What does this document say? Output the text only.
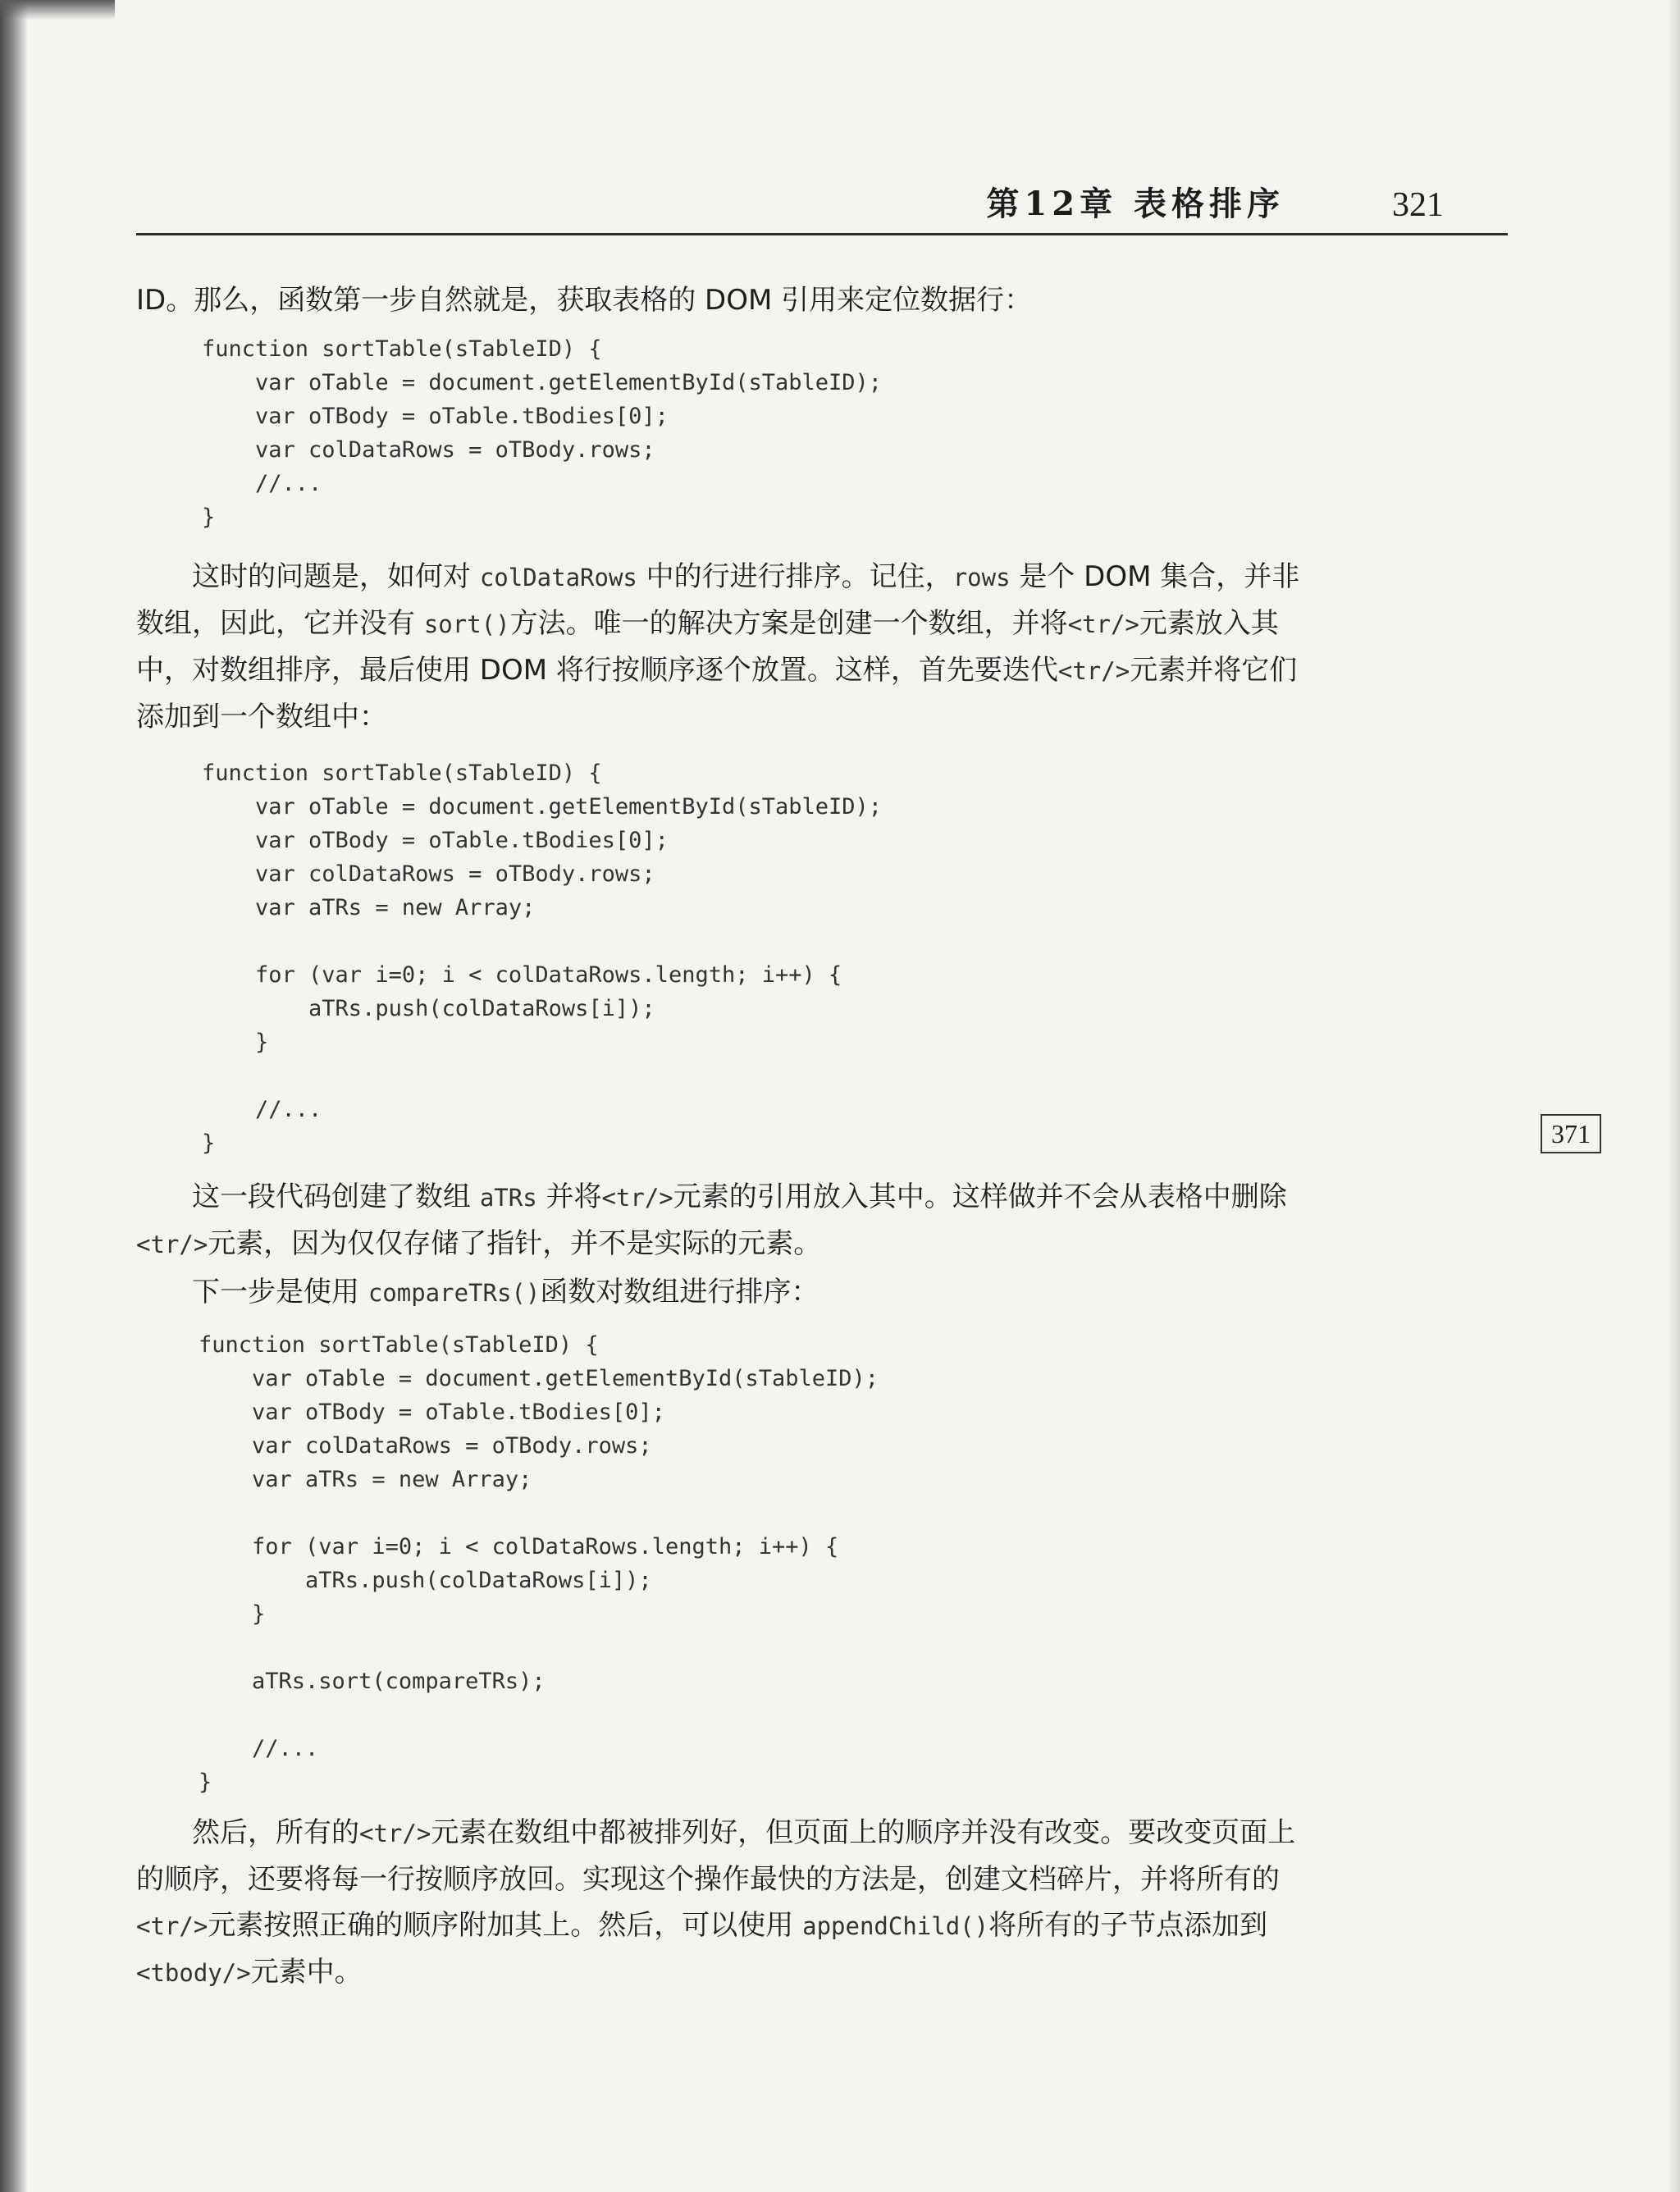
第12章 表格排序	321
ID。那么，函数第一步自然就是，获取表格的 DOM 引用来定位数据行：
function sortTable(sTableID) {
var oTable = document.getElementById(sTableID);
var oTBody = oTable.tBodies[0];
var colDataRows = oTBody.rows;
//...
}
这时的问题是，如何对 colDataRows 中的行进行排序。记住，rows 是个 DOM 集合，并非
数组，因此，它并没有 sort()方法。唯一的解决方案是创建一个数组，并将<tr/>元素放入其
中，对数组排序，最后使用 DOM 将行按顺序逐个放置。这样，首先要迭代<tr/>元素并将它们
添加到一个数组中：
function sortTable(sTableID) {
var oTable = document.getElementById(sTableID);
var oTBody = oTable.tBodies[0];
var colDataRows = oTBody.rows;
var aTRs = new Array;

for (var i=0; i < colDataRows.length; i++) {
aTRs.push(colDataRows[i]);
}

//...
}
这一段代码创建了数组 aTRs 并将<tr/>元素的引用放入其中。这样做并不会从表格中删除
<tr/>元素，因为仅仅存储了指针，并不是实际的元素。
下一步是使用 compareTRs()函数对数组进行排序：
function sortTable(sTableID) {
var oTable = document.getElementById(sTableID);
var oTBody = oTable.tBodies[0];
var colDataRows = oTBody.rows;
var aTRs = new Array;

for (var i=0; i < colDataRows.length; i++) {
aTRs.push(colDataRows[i]);
}

aTRs.sort(compareTRs);

//...
}
然后，所有的<tr/>元素在数组中都被排列好，但页面上的顺序并没有改变。要改变页面上
的顺序，还要将每一行按顺序放回。实现这个操作最快的方法是，创建文档碎片，并将所有的
<tr/>元素按照正确的顺序附加其上。然后，可以使用 appendChild()将所有的子节点添加到
<tbody/>元素中。
371
